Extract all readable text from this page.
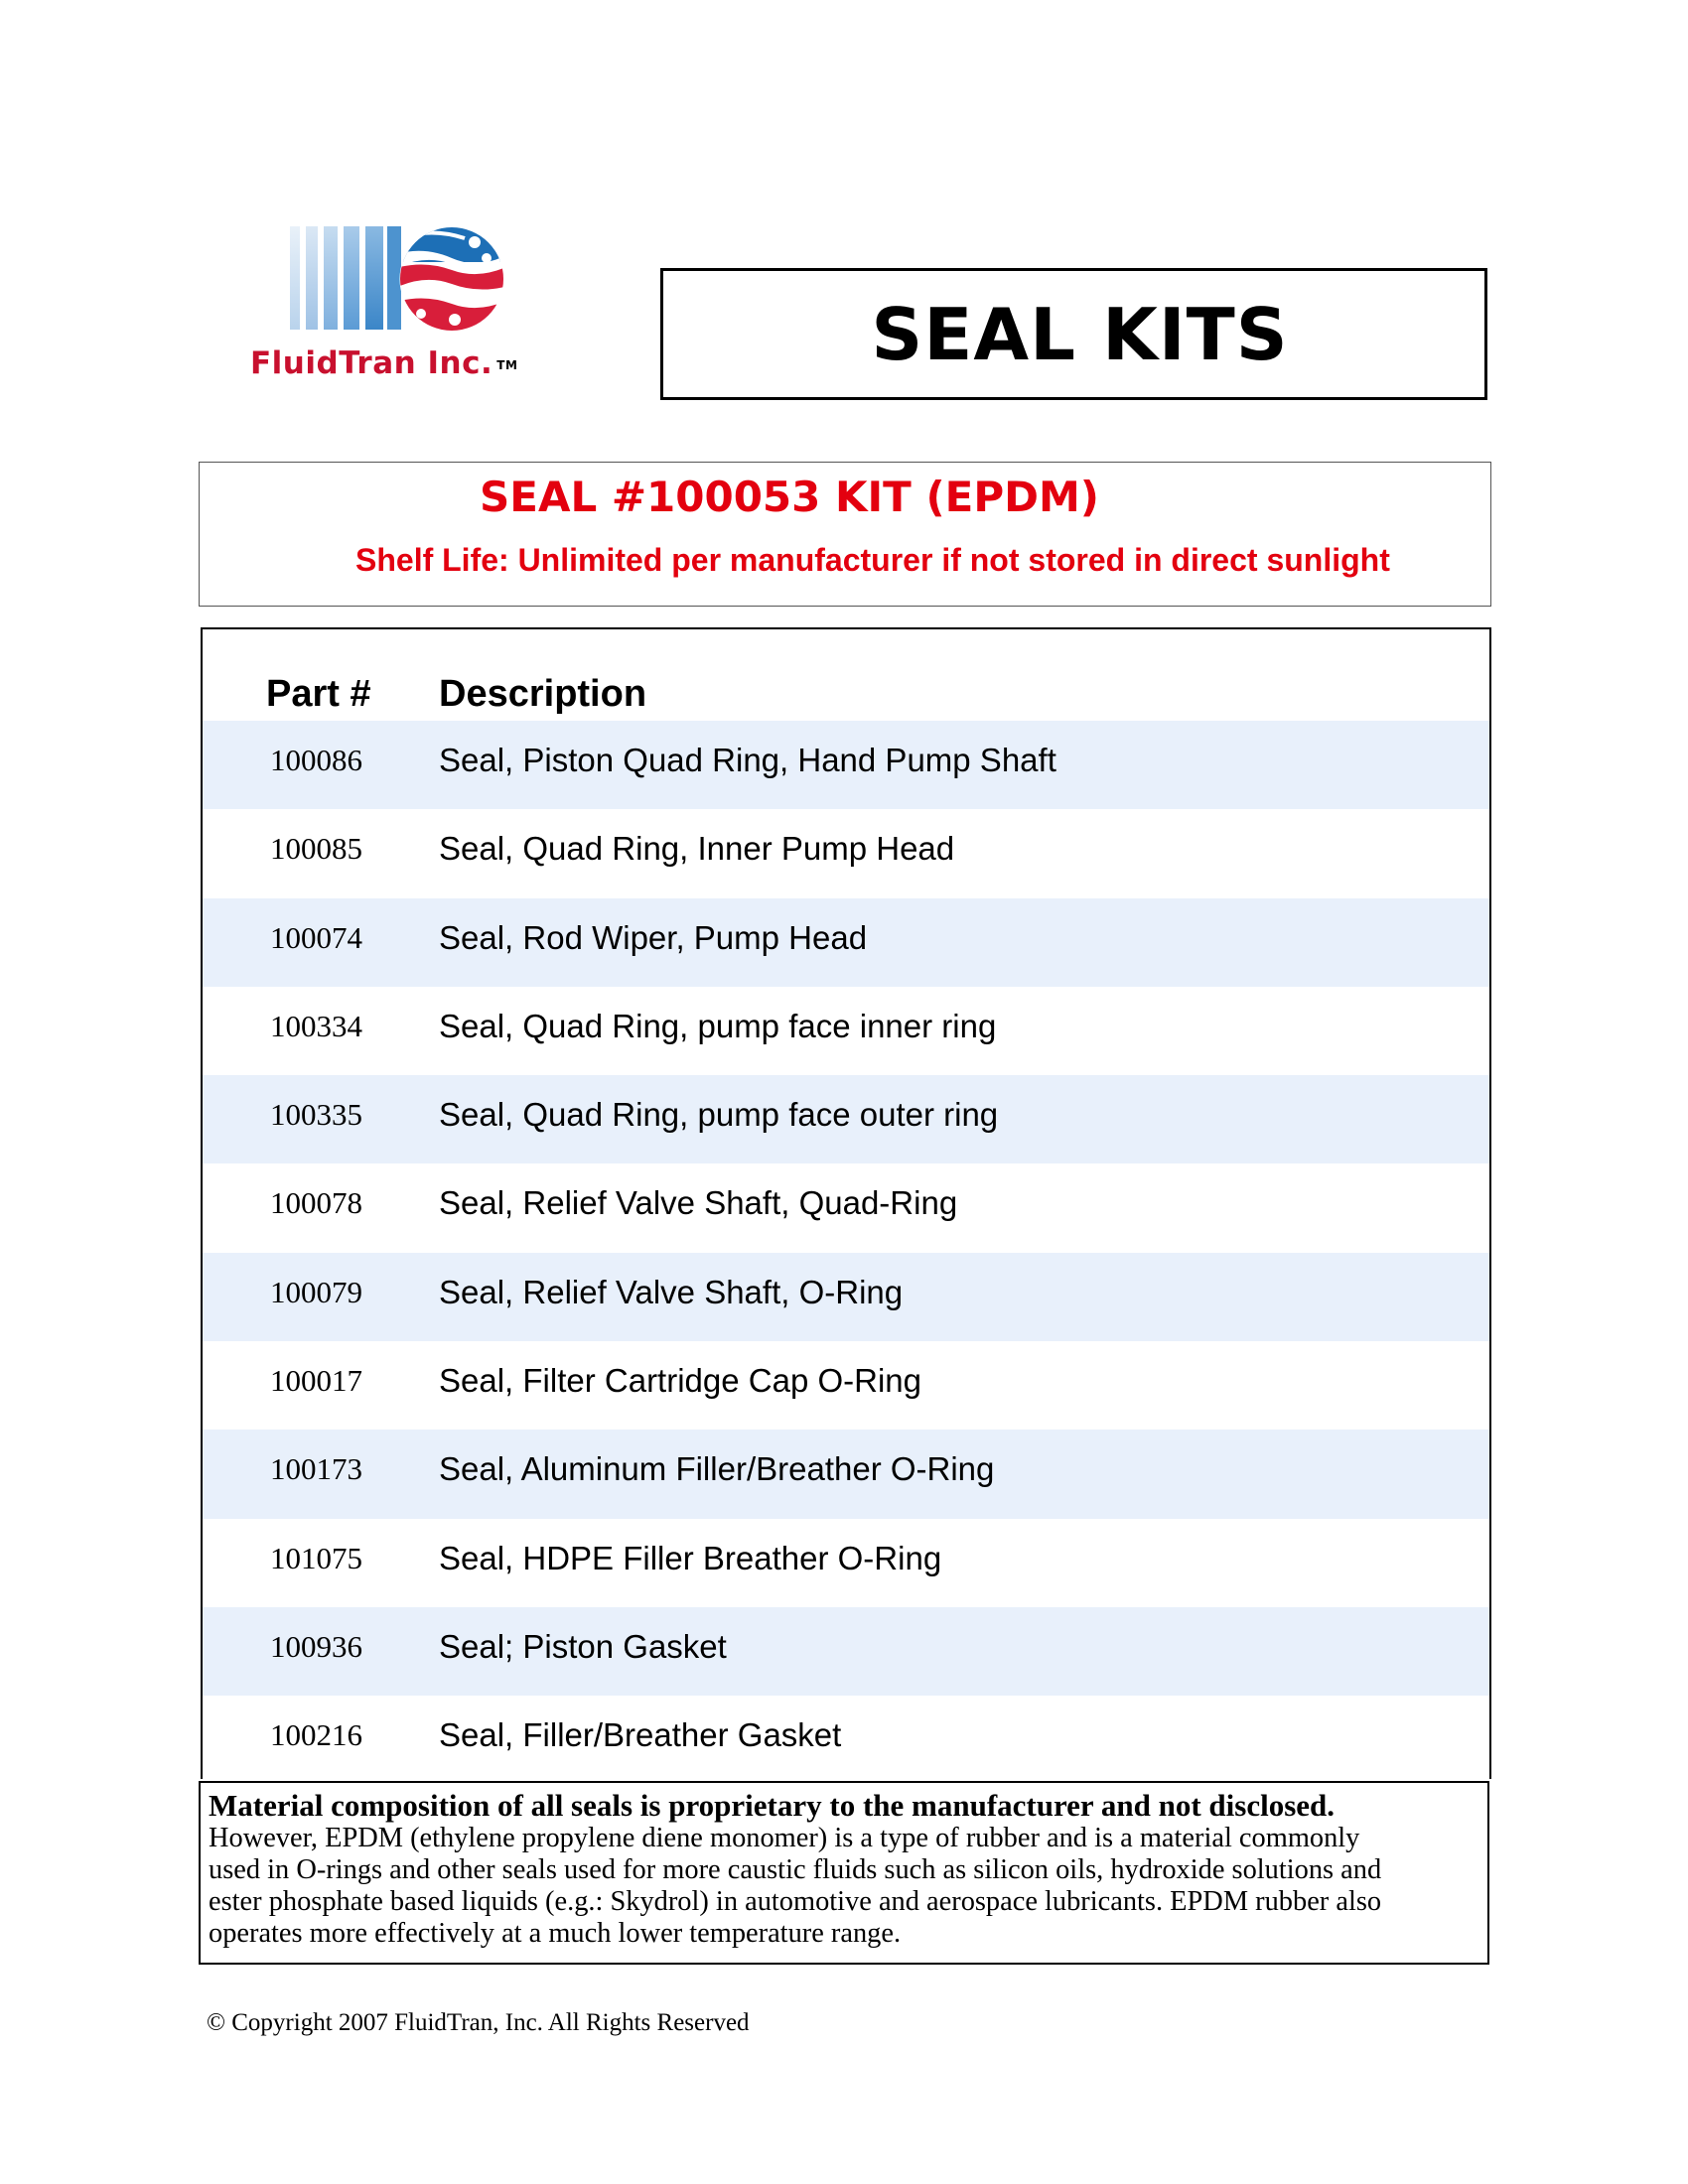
FluidTran Inc. TM	SEAL KITS
SEAL #100053 KIT (EPDM)
Shelf Life: Unlimited per manufacturer if not stored in direct sunlight
Part # Description
100086 Seal, Piston Quad Ring, Hand Pump Shaft
100085 Seal, Quad Ring, Inner Pump Head
100074 Seal, Rod Wiper, Pump Head
100334 Seal, Quad Ring, pump face inner ring
100335 Seal, Quad Ring, pump face outer ring
100078 Seal, Relief Valve Shaft, Quad-Ring
100079 Seal, Relief Valve Shaft, O-Ring
100017 Seal, Filter Cartridge Cap O-Ring
100173 Seal, Aluminum Filler/Breather O-Ring
101075 Seal, HDPE Filler Breather O-Ring
100936 Seal; Piston Gasket
100216 Seal, Filler/Breather Gasket
Material composition of all seals is proprietary to the manufacturer and not disclosed.
However, EPDM (ethylene propylene diene monomer) is a type of rubber and is a material commonly
used in O-rings and other seals used for more caustic fluids such as silicon oils, hydroxide solutions and
ester phosphate based liquids (e.g.: Skydrol) in automotive and aerospace lubricants. EPDM rubber also
operates more effectively at a much lower temperature range.
© Copyright 2007 FluidTran, Inc. All Rights Reserved
